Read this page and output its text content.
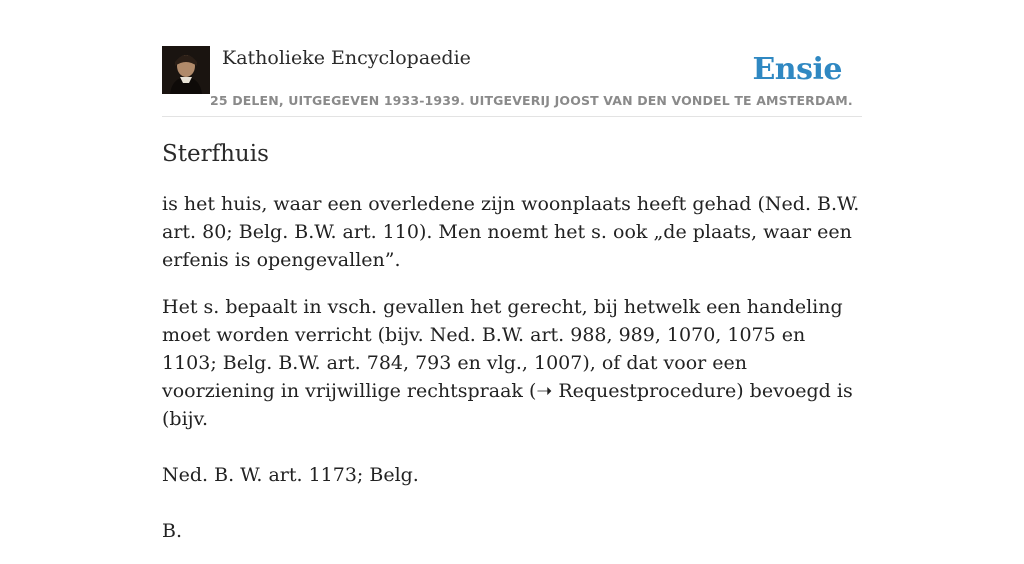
Katholieke Encyclopaedie	Ensie
25 DELEN, UITGEGEVEN 1933-1939. UITGEVERIJ JOOST VAN DEN VONDEL TE AMSTERDAM.
Sterfhuis

is het huis, waar een overledene zijn woonplaats heeft gehad (Ned. B.W. art. 80; Belg. B.W. art. 110). Men noemt het s. ook „de plaats, waar een erfenis is opengevallen”.

Het s. bepaalt in vsch. gevallen het gerecht, bij hetwelk een handeling moet worden verricht (bijv. Ned. B.W. art. 988, 989, 1070, 1075 en 1103; Belg. B.W. art. 784, 793 en vlg., 1007), of dat voor een voorziening in vrijwillige rechtspraak (➝ Requestprocedure) bevoegd is (bijv.

Ned. B. W. art. 1173; Belg.

B.
